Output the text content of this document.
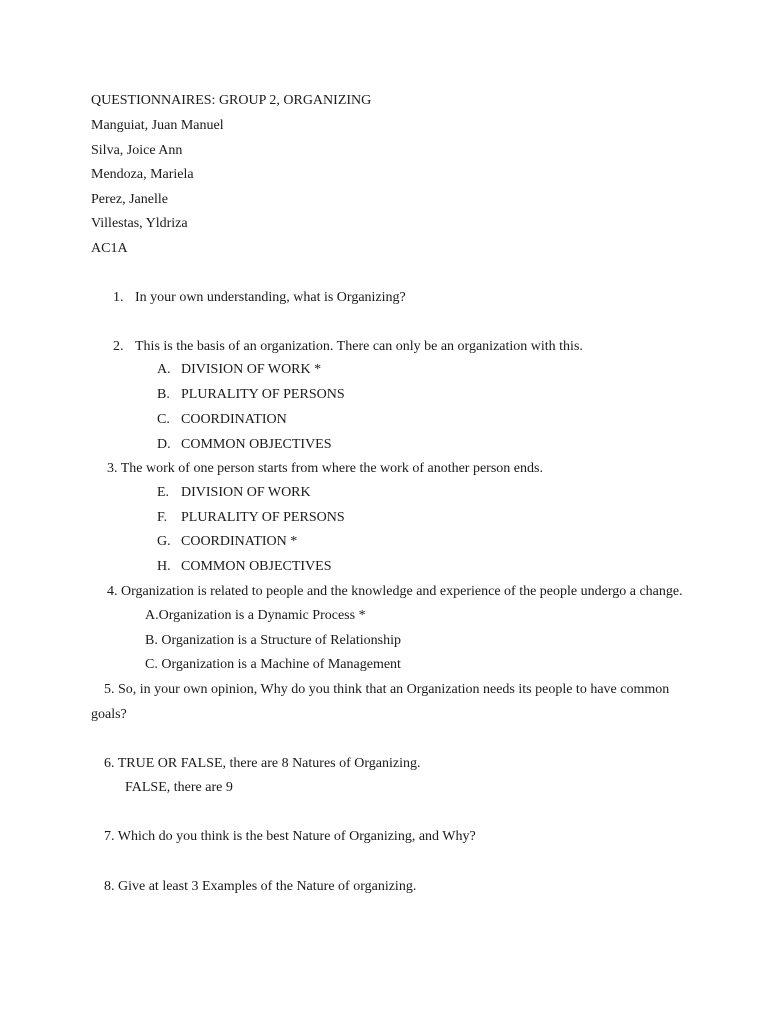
QUESTIONNAIRES: GROUP 2, ORGANIZING
Manguiat, Juan Manuel
Silva, Joice Ann
Mendoza, Mariela
Perez, Janelle
Villestas, Yldriza
AC1A
1. In your own understanding, what is Organizing?
2. This is the basis of an organization. There can only be an organization with this.
A. DIVISION OF WORK *
B. PLURALITY OF PERSONS
C. COORDINATION
D. COMMON OBJECTIVES
3. The work of one person starts from where the work of another person ends.
E. DIVISION OF WORK
F. PLURALITY OF PERSONS
G. COORDINATION *
H. COMMON OBJECTIVES
4. Organization is related to people and the knowledge and experience of the people undergo a change.
A.Organization is a Dynamic Process *
B. Organization is a Structure of Relationship
C. Organization is a Machine of Management
5. So, in your own opinion, Why do you think that an Organization needs its people to have common
goals?
6. TRUE OR FALSE, there are 8 Natures of Organizing.
FALSE, there are 9
7. Which do you think is the best Nature of Organizing, and Why?
8. Give at least 3 Examples of the Nature of organizing.
